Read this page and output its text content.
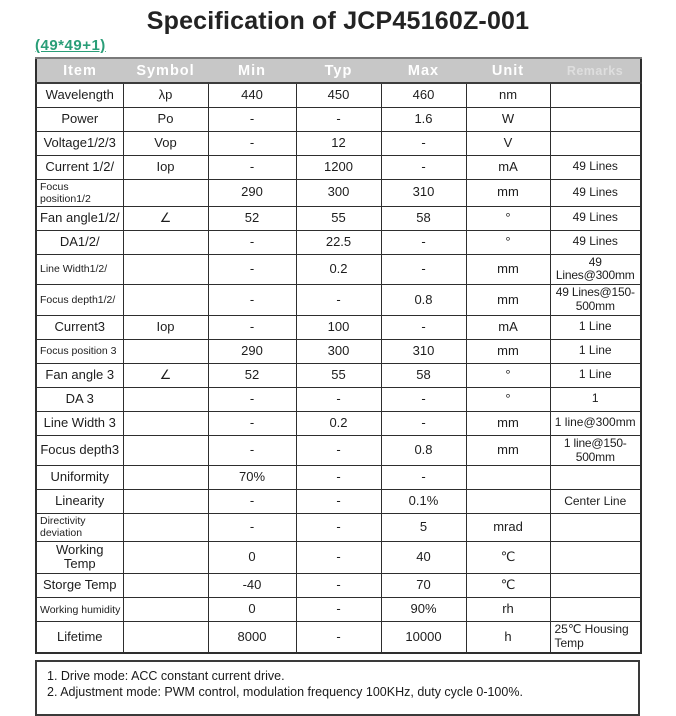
Specification of JCP45160Z-001
(49*49+1)
Item	Symbol	Min	Typ	Max	Unit	Remarks
Wavelength	λp	440	450	460	nm	
Power	Po	-	-	1.6	W	
Voltage1/2/3	Vop	-	12	-	V	
Current 1/2/	Iop	-	1200	-	mA	49 Lines
Focus position1/2		290	300	310	mm	49 Lines
Fan angle1/2/	∠	52	55	58	°	49 Lines
DA1/2/		-	22.5	-	°	49 Lines
Line Width1/2/		-	0.2	-	mm	49 Lines@300mm
Focus depth1/2/		-	-	0.8	mm	49 Lines@150-500mm
Current3	Iop	-	100	-	mA	1 Line
Focus position 3		290	300	310	mm	1 Line
Fan angle 3	∠	52	55	58	°	1 Line
DA 3		-	-	-	°	1
Line Width 3		-	0.2	-	mm	1 line@300mm
Focus depth3		-	-	0.8	mm	1 line@150-500mm
Uniformity		70%	-	-		
Linearity		-	-	0.1%		Center Line
Directivity deviation		-	-	5	mrad	
Working Temp		0	-	40	℃	
Storge Temp		-40	-	70	℃	
Working humidity		0	-	90%	rh	
Lifetime		8000	-	10000	h	25℃ Housing Temp
1. Drive mode: ACC constant current drive.
2. Adjustment mode: PWM control, modulation frequency 100KHz, duty cycle 0-100%.
